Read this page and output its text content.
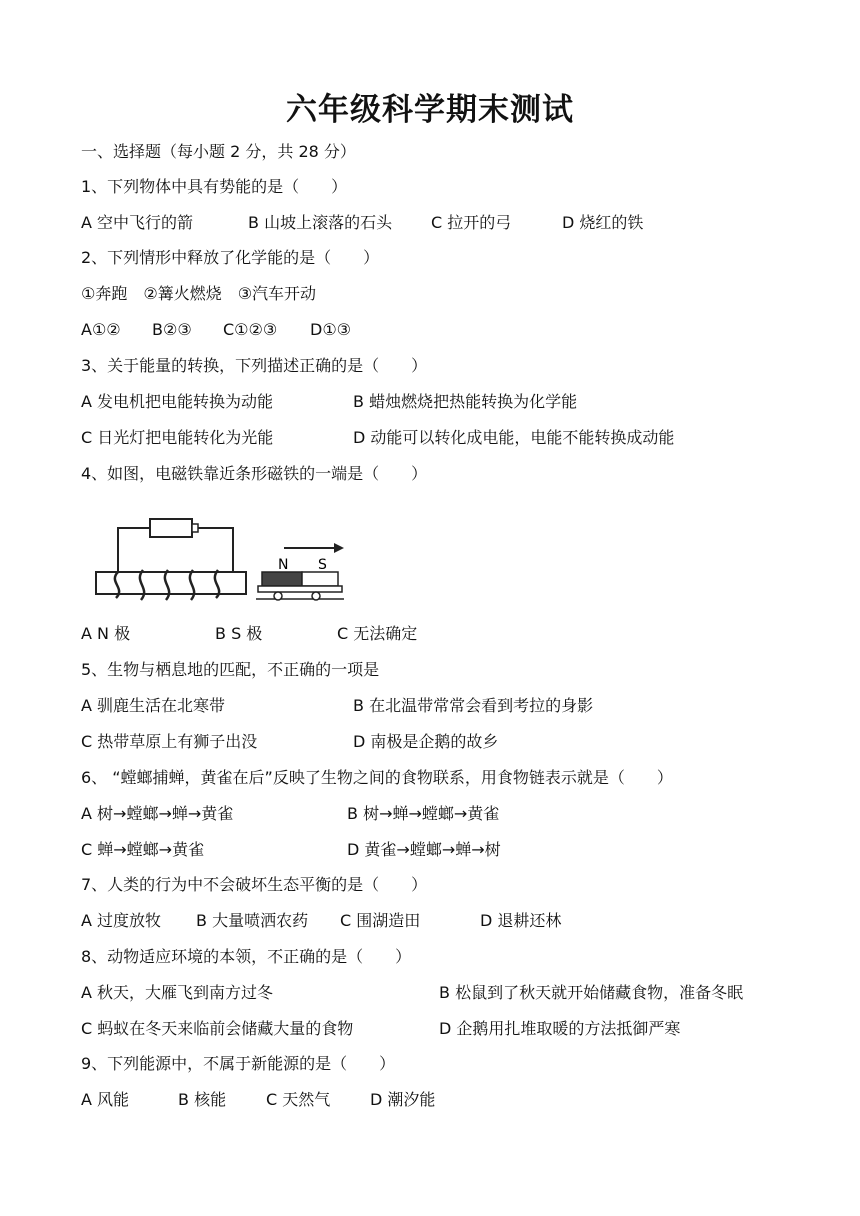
六年级科学期末测试
一、选择题（每小题 2 分，共 28 分）
1、下列物体中具有势能的是（　　）
A 空中飞行的箭	B 山坡上滚落的石头 C 拉开的弓	D 烧红的铁
2、下列情形中释放了化学能的是（　　）
①奔跑　②篝火燃烧　③汽车开动
A①② B②③ C①②③ D①③
3、关于能量的转换，下列描述正确的是（　　）
A 发电机把电能转换为动能	B 蜡烛燃烧把热能转换为化学能
C 日光灯把电能转化为光能	D 动能可以转化成电能，电能不能转换成动能
4、如图，电磁铁靠近条形磁铁的一端是（　　）
N S
A N 极	B S 极	C 无法确定
5、生物与栖息地的匹配，不正确的一项是
A 驯鹿生活在北寒带	B 在北温带常常会看到考拉的身影
C 热带草原上有狮子出没	D 南极是企鹅的故乡
6、 “螳螂捕蝉，黄雀在后”反映了生物之间的食物联系，用食物链表示就是（　　）
A 树→螳螂→蝉→黄雀	B 树→蝉→螳螂→黄雀
C 蝉→螳螂→黄雀	D 黄雀→螳螂→蝉→树
7、人类的行为中不会破坏生态平衡的是（　　）
A 过度放牧 B 大量喷洒农药 C 围湖造田	D 退耕还林
8、动物适应环境的本领，不正确的是（　　）
A 秋天，大雁飞到南方过冬	B 松鼠到了秋天就开始储藏食物，准备冬眠
C 蚂蚁在冬天来临前会储藏大量的食物	D 企鹅用扎堆取暖的方法抵御严寒
9、下列能源中，不属于新能源的是（　　）
A 风能	B 核能 C 天然气 D 潮汐能
